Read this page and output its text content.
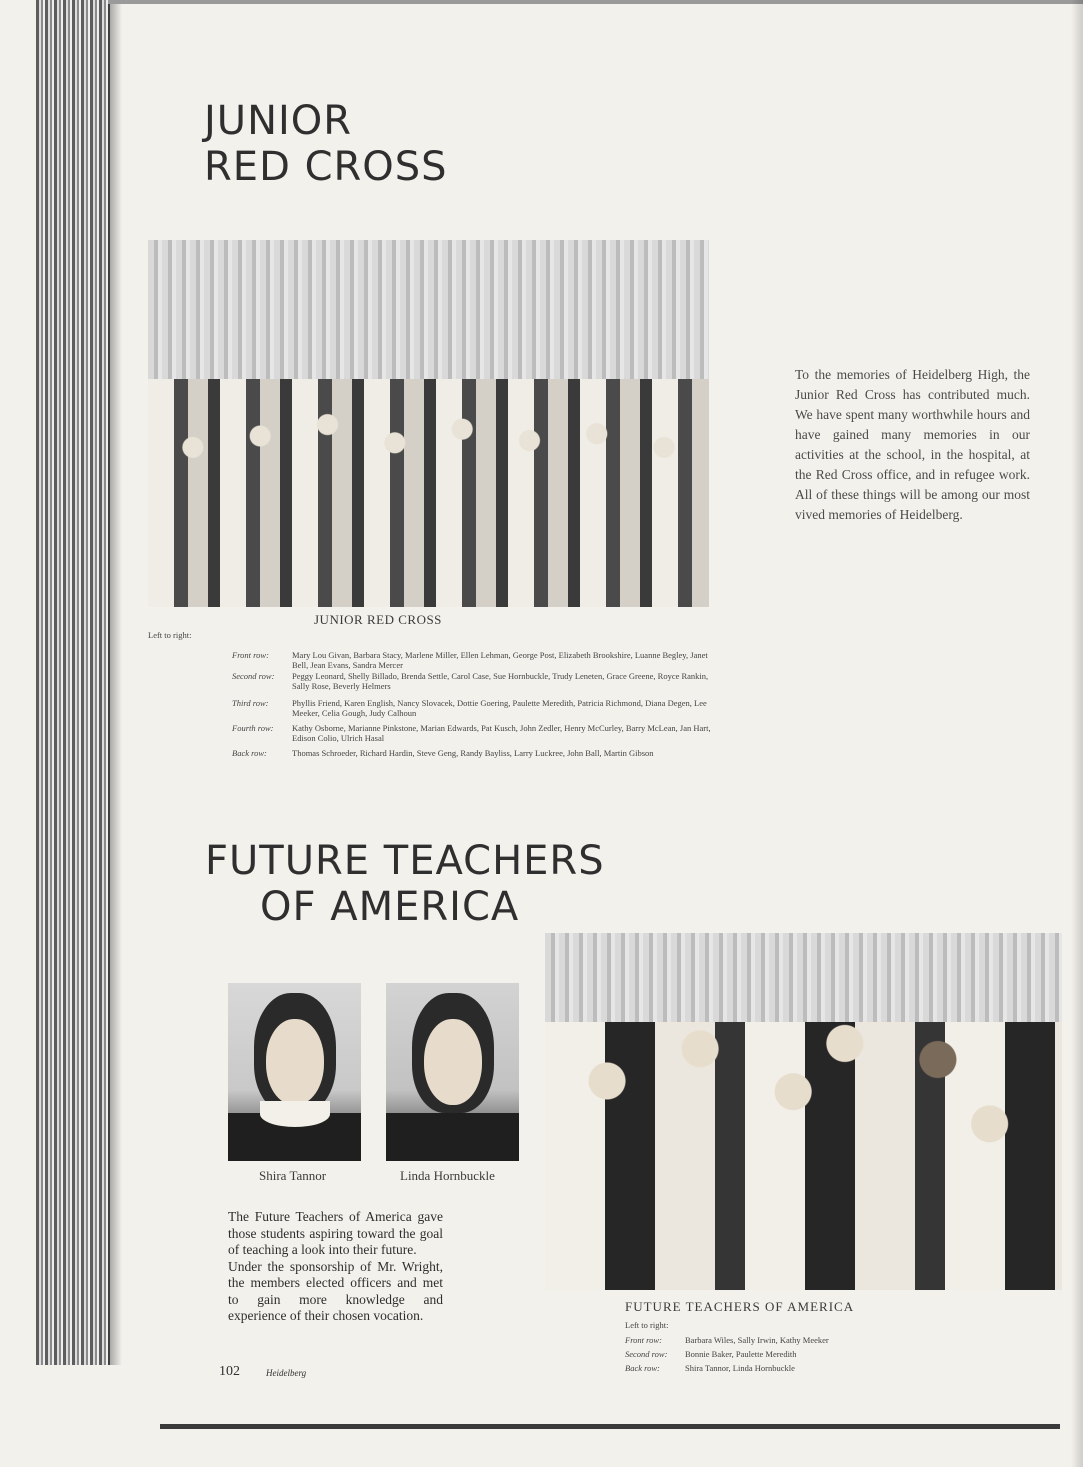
JUNIOR
RED CROSS
JUNIOR RED CROSS

To the memories of Heidelberg High, the Junior Red Cross has contributed much. We have spent many worthwhile hours and have gained many memories in our activities at the school, in the hospital, at the Red Cross office, and in refugee work. All of these things will be among our most vived memories of Heidelberg.

Left to right:
Front row:	Mary Lou Givan, Barbara Stacy, Marlene Miller, Ellen Lehman, George Post, Elizabeth Brookshire, Luanne Begley, Janet Bell, Jean Evans, Sandra Mercer
Second row:	Peggy Leonard, Shelly Billado, Brenda Settle, Carol Case, Sue Hornbuckle, Trudy Leneten, Grace Greene, Royce Rankin, Sally Rose, Beverly Helmers
Third row:	Phyllis Friend, Karen English, Nancy Slovacek, Dottie Goering, Paulette Meredith, Patricia Richmond, Diana Degen, Lee Meeker, Celia Gough, Judy Calhoun
Fourth row:	Kathy Osborne, Marianne Pinkstone, Marian Edwards, Pat Kusch, John Zedler, Henry McCurley, Barry McLean, Jan Hart, Edison Colio, Ulrich Hasal
Back row:	Thomas Schroeder, Richard Hardin, Steve Geng, Randy Bayliss, Larry Luckree, John Ball, Martin Gibson
FUTURE TEACHERS
OF AMERICA
Shira Tannor	Linda Hornbuckle

The Future Teachers of America gave those students aspiring toward the goal of teaching a look into their future.

Under the sponsorship of Mr. Wright, the members elected officers and met to gain more knowledge and experience of their chosen vocation.

FUTURE TEACHERS OF AMERICA
Left to right:
Front row:	Barbara Wiles, Sally Irwin, Kathy Meeker
Second row:	Bonnie Baker, Paulette Meredith
Back row:	Shira Tannor, Linda Hornbuckle
102	Heidelberg
